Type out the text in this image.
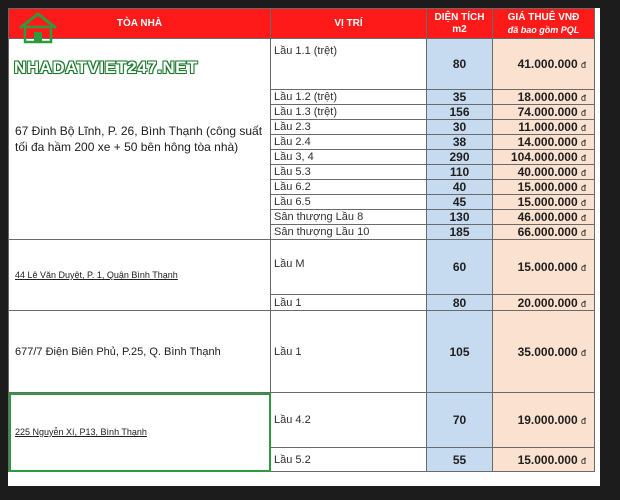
TÒA NHÀ	VỊ TRÍ	DIỆN TÍCH m2	GIÁ THUÊ VNĐ
đã bao gồm PQL

67 Đinh Bộ Lĩnh, P. 26, Bình Thạnh (công suất tối đa hầm 200 xe + 50 bên hông tòa nhà)	Lầu 1.1 (trệt)	80	41.000.000 đ
	Lầu 1.2 (trệt)	35	18.000.000 đ
	Lầu 1.3 (trệt)	156	74.000.000 đ
	Lầu 2.3	30	11.000.000 đ
	Lầu 2.4	38	14.000.000 đ
	Lầu 3, 4	290	104.000.000 đ
	Lầu 5.3	110	40.000.000 đ
	Lầu 6.2	40	15.000.000 đ
	Lầu 6.5	45	15.000.000 đ
	Sân thượng Lầu 8	130	46.000.000 đ
	Sân thượng Lầu 10	185	66.000.000 đ

44 Lê Văn Duyệt, P. 1, Quận Bình Thạnh	Lầu M	60	15.000.000 đ
	Lầu 1	80	20.000.000 đ

677/7 Điện Biên Phủ, P.25, Q. Bình Thạnh	Lầu 1	105	35.000.000 đ

225 Nguyễn Xí, P13, Bình Thạnh	Lầu 4.2	70	19.000.000 đ
	Lầu 5.2	55	15.000.000 đ
NHADATVIET247.NET
